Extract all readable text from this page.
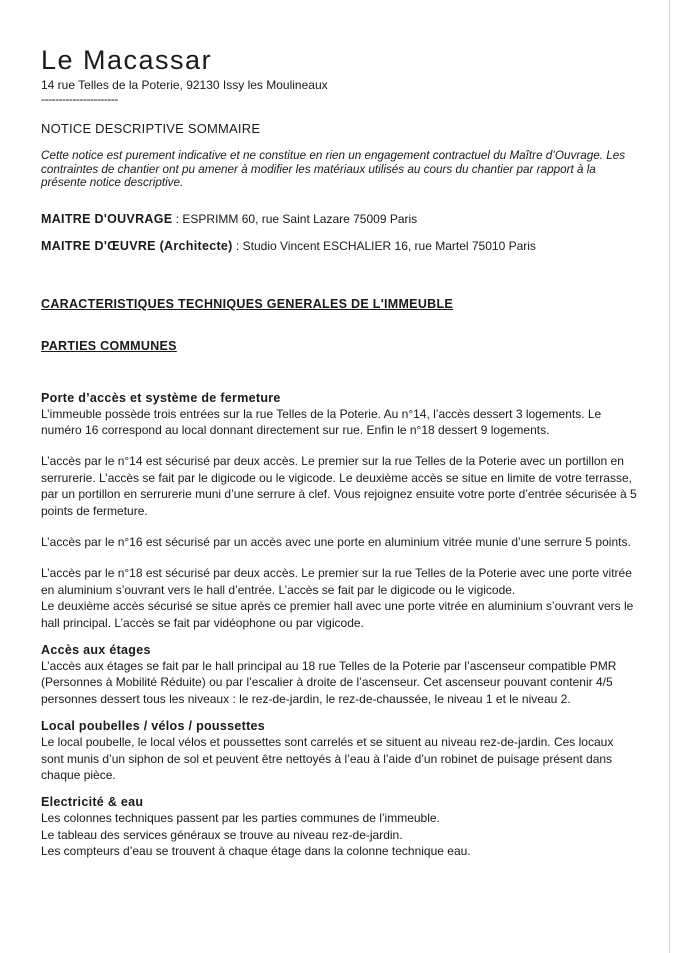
Le Macassar
14 rue Telles de la Poterie, 92130 Issy les Moulineaux
----------------------
NOTICE DESCRIPTIVE SOMMAIRE
Cette notice est purement indicative et ne constitue en rien un engagement contractuel du Maître d’Ouvrage. Les contraintes de chantier ont pu amener à modifier les matériaux utilisés au cours du chantier par rapport à la présente notice descriptive.
MAITRE D'OUVRAGE : ESPRIMM 60, rue Saint Lazare 75009 Paris
MAITRE D'ŒUVRE (Architecte) : Studio Vincent ESCHALIER 16, rue Martel 75010 Paris
CARACTERISTIQUES TECHNIQUES GENERALES DE L'IMMEUBLE
PARTIES COMMUNES
Porte d’accès et système de fermeture

L’immeuble possède trois entrées sur la rue Telles de la Poterie. Au n°14, l’accès dessert 3 logements. Le numéro 16 correspond au local donnant directement sur rue. Enfin le n°18 dessert 9 logements.

L’accès par le n°14 est sécurisé par deux accès. Le premier sur la rue Telles de la Poterie avec un portillon en serrurerie. L’accès se fait par le digicode ou le vigicode. Le deuxième accès se situe en limite de votre terrasse, par un portillon en serrurerie muni d’une serrure à clef. Vous rejoignez ensuite votre porte d’entrée sécurisée à 5 points de fermeture.

L’accès par le n°16 est sécurisé par un accès avec une porte en aluminium vitrée munie d’une serrure 5 points.

L’accès par le n°18 est sécurisé par deux accès. Le premier sur la rue Telles de la Poterie avec une porte vitrée en aluminium s’ouvrant vers le hall d’entrée. L’accès se fait par le digicode ou le vigicode.

Le deuxième accès sécurisé se situe après ce premier hall avec une porte vitrée en aluminium s’ouvrant vers le hall principal. L’accès se fait par vidéophone ou par vigicode.

Accès aux étages

L’accès aux étages se fait par le hall principal au 18 rue Telles de la Poterie par l’ascenseur compatible PMR (Personnes à Mobilité Réduite) ou par l’escalier à droite de l’ascenseur. Cet ascenseur pouvant contenir 4/5 personnes dessert tous les niveaux : le rez-de-jardin, le rez-de-chaussée, le niveau 1 et le niveau 2.

Local poubelles / vélos / poussettes

Le local poubelle, le local vélos et poussettes sont carrelés et se situent au niveau rez-de-jardin. Ces locaux sont munis d’un siphon de sol et peuvent être nettoyés à l’eau à l’aide d’un robinet de puisage présent dans chaque pièce.

Electricité & eau

Les colonnes techniques passent par les parties communes de l’immeuble.

Le tableau des services généraux se trouve au niveau rez-de-jardin.

Les compteurs d’eau se trouvent à chaque étage dans la colonne technique eau.
